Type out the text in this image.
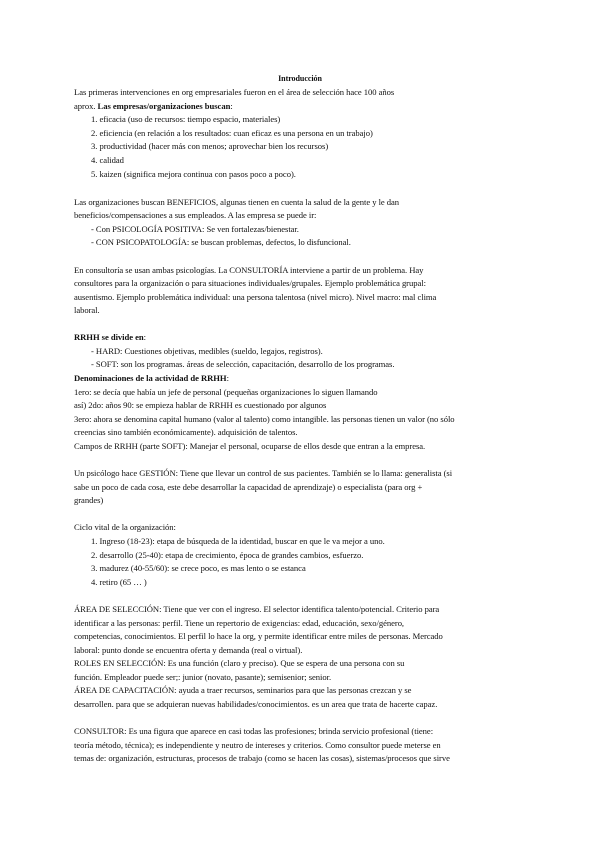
Introducción
Las primeras intervenciones en org empresariales fueron en el área de selección hace 100 años
aprox. Las empresas/organizaciones buscan:
1. eficacia (uso de recursos: tiempo espacio, materiales)
2. eficiencia (en relación a los resultados: cuan eficaz es una persona en un trabajo)
3. productividad (hacer más con menos; aprovechar bien los recursos)
4. calidad
5. kaizen (significa mejora continua con pasos poco a poco).
Las organizaciones buscan BENEFICIOS, algunas tienen en cuenta la salud de la gente y le dan
beneficios/compensaciones a sus empleados. A las empresa se puede ir:
- Con PSICOLOGÍA POSITIVA: Se ven fortalezas/bienestar.
- CON PSICOPATOLOGÍA: se buscan problemas, defectos, lo disfuncional.
En consultoría se usan ambas psicologías. La CONSULTORÍA interviene a partir de un problema. Hay
consultores para la organización o para situaciones individuales/grupales. Ejemplo problemática grupal:
ausentismo. Ejemplo problemática individual: una persona talentosa (nivel micro). Nivel macro: mal clima
laboral.
RRHH se divide en:
- HARD: Cuestiones objetivas, medibles (sueldo, legajos, registros).
- SOFT: son los programas. áreas de selección, capacitación, desarrollo de los programas.
Denominaciones de la actividad de RRHH:
1ero: se decía que había un jefe de personal (pequeñas organizaciones lo siguen llamando
así) 2do: años 90: se empieza hablar de RRHH es cuestionado por algunos
3ero: ahora se denomina capital humano (valor al talento) como intangible. las personas tienen un valor (no sólo
creencias sino también económicamente). adquisición de talentos.
Campos de RRHH (parte SOFT): Manejar el personal, ocuparse de ellos desde que entran a la empresa.
Un psicólogo hace GESTIÓN: Tiene que llevar un control de sus pacientes. También se lo llama: generalista (si
sabe un poco de cada cosa, este debe desarrollar la capacidad de aprendizaje) o especialista (para org +
grandes)
Ciclo vital de la organización:
1. Ingreso (18-23): etapa de búsqueda de la identidad, buscar en que le va mejor a uno.
2. desarrollo (25-40): etapa de crecimiento, época de grandes cambios, esfuerzo.
3. madurez (40-55/60): se crece poco, es mas lento o se estanca
4. retiro (65 … )
ÁREA DE SELECCIÓN: Tiene que ver con el ingreso. El selector identifica talento/potencial. Criterio para
identificar a las personas: perfil. Tiene un repertorio de exigencias: edad, educación, sexo/género,
competencias, conocimientos. El perfil lo hace la org, y permite identificar entre miles de personas. Mercado
laboral: punto donde se encuentra oferta y demanda (real o virtual).
ROLES EN SELECCIÓN: Es una función (claro y preciso). Que se espera de una persona con su
función. Empleador puede ser;: junior (novato, pasante); semisenior; senior.
ÁREA DE CAPACITACIÓN: ayuda a traer recursos, seminarios para que las personas crezcan y se
desarrollen. para que se adquieran nuevas habilidades/conocimientos. es un area que trata de hacerte capaz.
CONSULTOR: Es una figura que aparece en casi todas las profesiones; brinda servicio profesional (tiene:
teoría método, técnica); es independiente y neutro de intereses y criterios. Como consultor puede meterse en
temas de: organización, estructuras, procesos de trabajo (como se hacen las cosas), sistemas/procesos que sirve
